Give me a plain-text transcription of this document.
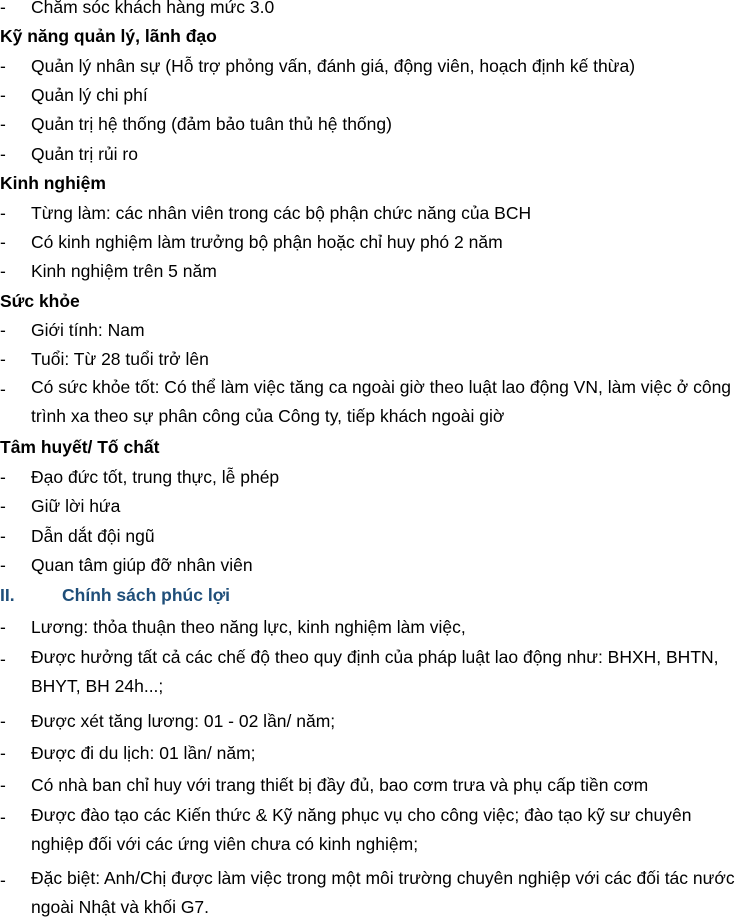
- Chăm sóc khách hàng mức 3.0
Kỹ năng quản lý, lãnh đạo
- Quản lý nhân sự (Hỗ trợ phỏng vấn, đánh giá, động viên, hoạch định kế thừa)
- Quản lý chi phí
- Quản trị hệ thống (đảm bảo tuân thủ hệ thống)
- Quản trị rủi ro
Kinh nghiệm
- Từng làm: các nhân viên trong các bộ phận chức năng của BCH
- Có kinh nghiệm làm trưởng bộ phận hoặc chỉ huy phó 2 năm
- Kinh nghiệm trên 5 năm
Sức khỏe
- Giới tính: Nam
- Tuổi: Từ 28 tuổi trở lên
- Có sức khỏe tốt: Có thể làm việc tăng ca ngoài giờ theo luật lao động VN, làm việc ở công trình xa theo sự phân công của Công ty, tiếp khách ngoài giờ
Tâm huyết/ Tố chất
- Đạo đức tốt, trung thực, lễ phép
- Giữ lời hứa
- Dẫn dắt đội ngũ
- Quan tâm giúp đỡ nhân viên
II.	Chính sách phúc lợi
- Lương: thỏa thuận theo năng lực, kinh nghiệm làm việc,
- Được hưởng tất cả các chế độ theo quy định của pháp luật lao động như: BHXH, BHTN, BHYT, BH 24h...;
- Được xét tăng lương: 01 - 02 lần/ năm;
- Được đi du lịch: 01 lần/ năm;
- Có nhà ban chỉ huy với trang thiết bị đầy đủ, bao cơm trưa và phụ cấp tiền cơm
- Được đào tạo các Kiến thức & Kỹ năng phục vụ cho công việc; đào tạo kỹ sư chuyên nghiệp đối với các ứng viên chưa có kinh nghiệm;
- Đặc biệt: Anh/Chị được làm việc trong một môi trường chuyên nghiệp với các đối tác nước ngoài Nhật và khối G7.
